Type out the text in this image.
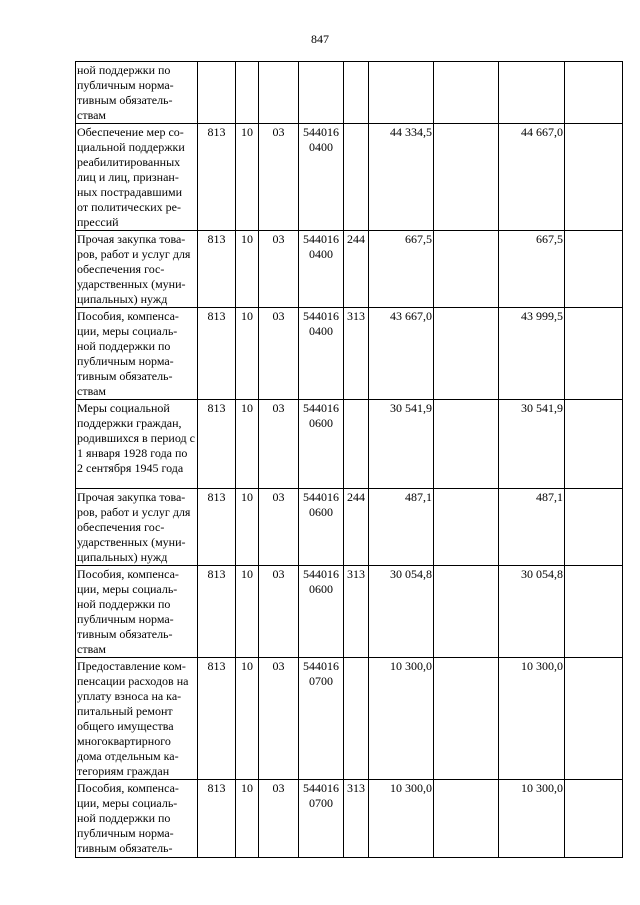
847
ной поддержки по публичным норма-тивным обязатель-ствам									
Обеспечение мер со-циальной поддержки реабилитированных лиц и лиц, признан-ных пострадавшими от политических ре-прессий	813	10	03	544016 0400		44 334,5		44 667,0	
Прочая закупка това-ров, работ и услуг для обеспечения гос-ударственных (муни-ципальных) нужд	813	10	03	544016 0400	244	667,5		667,5	
Пособия, компенса-ции, меры социаль-ной поддержки по публичным норма-тивным обязатель-ствам	813	10	03	544016 0400	313	43 667,0		43 999,5	
Меры социальной поддержки граждан, родившихся в период с 1 января 1928 года по 2 сентября 1945 года	813	10	03	544016 0600		30 541,9		30 541,9	
Прочая закупка това-ров, работ и услуг для обеспечения гос-ударственных (муни-ципальных) нужд	813	10	03	544016 0600	244	487,1		487,1	
Пособия, компенса-ции, меры социаль-ной поддержки по публичным норма-тивным обязатель-ствам	813	10	03	544016 0600	313	30 054,8		30 054,8	
Предоставление ком-пенсации расходов на уплату взноса на ка-питальный ремонт общего имущества многоквартирного дома отдельным ка-тегориям граждан	813	10	03	544016 0700		10 300,0		10 300,0	
Пособия, компенса-ции, меры социаль-ной поддержки по публичным норма-тивным обязатель-	813	10	03	544016 0700	313	10 300,0		10 300,0	
